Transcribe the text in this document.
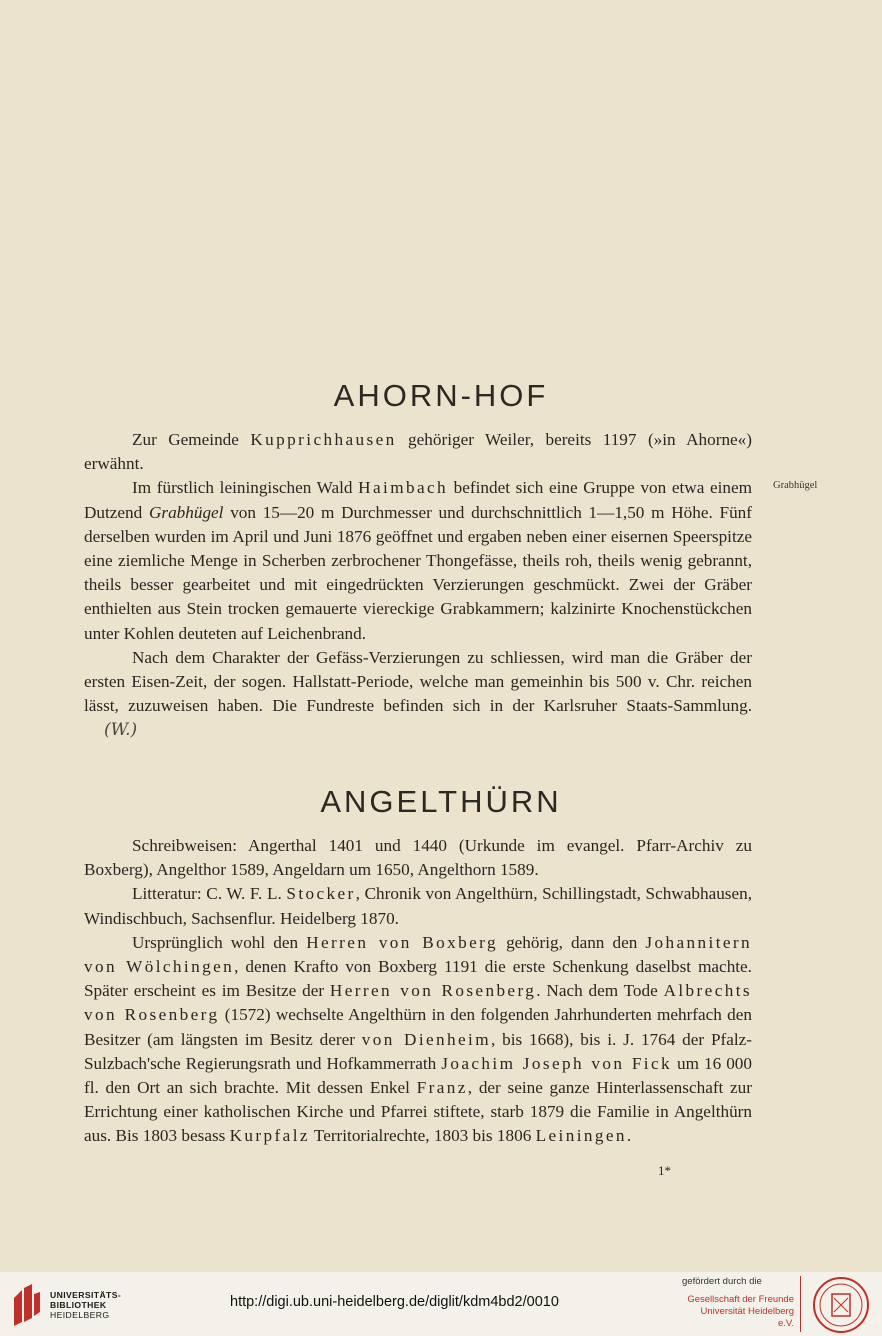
AHORN-HOF

Zur Gemeinde Kupprichhausen gehöriger Weiler, bereits 1197 (»in Ahorne«) erwähnt.

Im fürstlich leiningischen Wald Haimbach befindet sich eine Gruppe von etwa einem Dutzend Grabhügel von 15—20 m Durchmesser und durchschnittlich 1—1,50 m Höhe. Fünf derselben wurden im April und Juni 1876 geöffnet und ergaben neben einer eisernen Speerspitze eine ziemliche Menge in Scherben zerbrochener Thongefässe, theils roh, theils wenig gebrannt, theils besser gearbeitet und mit eingedrückten Verzierungen geschmückt. Zwei der Gräber enthielten aus Stein trocken gemauerte viereckige Grabkammern; kalzinirte Knochenstückchen unter Kohlen deuteten auf Leichenbrand.

Nach dem Charakter der Gefäss-Verzierungen zu schliessen, wird man die Gräber der ersten Eisen-Zeit, der sogen. Hallstatt-Periode, welche man gemeinhin bis 500 v. Chr. reichen lässt, zuzuweisen haben. Die Fundreste befinden sich in der Karlsruher Staats-Sammlung.(W.)

Grabhügel
ANGELTHÜRN

Schreibweisen: Angerthal 1401 und 1440 (Urkunde im evangel. Pfarr-Archiv zu Boxberg), Angelthor 1589, Angeldarn um 1650, Angelthorn 1589.

Litteratur: C. W. F. L. Stocker, Chronik von Angelthürn, Schillingstadt, Schwabhausen, Windischbuch, Sachsenflur. Heidelberg 1870.

Ursprünglich wohl den Herren von Boxberg gehörig, dann den Johannitern von Wölchingen, denen Krafto von Boxberg 1191 die erste Schenkung daselbst machte. Später erscheint es im Besitze der Herren von Rosenberg. Nach dem Tode Albrechts von Rosenberg (1572) wechselte Angelthürn in den folgenden Jahrhunderten mehrfach den Besitzer (am längsten im Besitz derer von Dienheim, bis 1668), bis i. J. 1764 der Pfalz-Sulzbach'sche Regierungsrath und Hofkammerrath Joachim Joseph von Fick um 16 000 fl. den Ort an sich brachte. Mit dessen Enkel Franz, der seine ganze Hinterlassenschaft zur Errichtung einer katholischen Kirche und Pfarrei stiftete, starb 1879 die Familie in Angelthürn aus. Bis 1803 besass Kurpfalz Territorialrechte, 1803 bis 1806 Leiningen.

1*
UNIVERSITÄTS-
BIBLIOTHEK
HEIDELBERG
http://digi.ub.uni-heidelberg.de/diglit/kdm4bd2/0010
gefördert durch die
Gesellschaft der Freunde
Universität Heidelberg e.V.
